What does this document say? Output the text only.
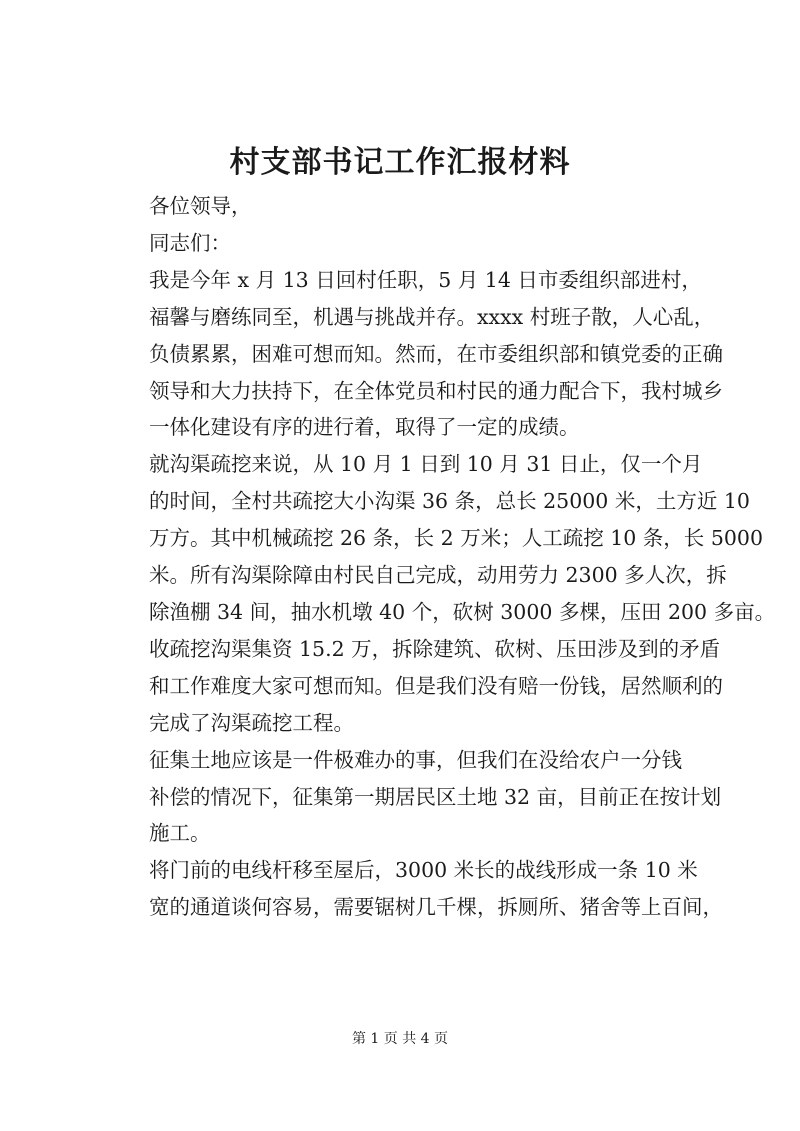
村支部书记工作汇报材料

各位领导，

同志们：

我是今年 x 月 13 日回村任职，5 月 14 日市委组织部进村，
福馨与磨练同至，机遇与挑战并存。xxxx 村班子散，人心乱，
负债累累，困难可想而知。然而，在市委组织部和镇党委的正确
领导和大力扶持下，在全体党员和村民的通力配合下，我村城乡
一体化建设有序的进行着，取得了一定的成绩。

就沟渠疏挖来说，从 10 月 1 日到 10 月 31 日止，仅一个月
的时间，全村共疏挖大小沟渠 36 条，总长 25000 米，土方近 10
万方。其中机械疏挖 26 条，长 2 万米；人工疏挖 10 条，长 5000
米。所有沟渠除障由村民自己完成，动用劳力 2300 多人次，拆
除渔棚 34 间，抽水机墩 40 个，砍树 3000 多棵，压田 200 多亩。
收疏挖沟渠集资 15.2 万，拆除建筑、砍树、压田涉及到的矛盾
和工作难度大家可想而知。但是我们没有赔一份钱，居然顺利的
完成了沟渠疏挖工程。

征集土地应该是一件极难办的事，但我们在没给农户一分钱
补偿的情况下，征集第一期居民区土地 32 亩，目前正在按计划
施工。

将门前的电线杆移至屋后，3000 米长的战线形成一条 10 米
宽的通道谈何容易，需要锯树几千棵，拆厕所、猪舍等上百间，

第 1 页 共 4 页
